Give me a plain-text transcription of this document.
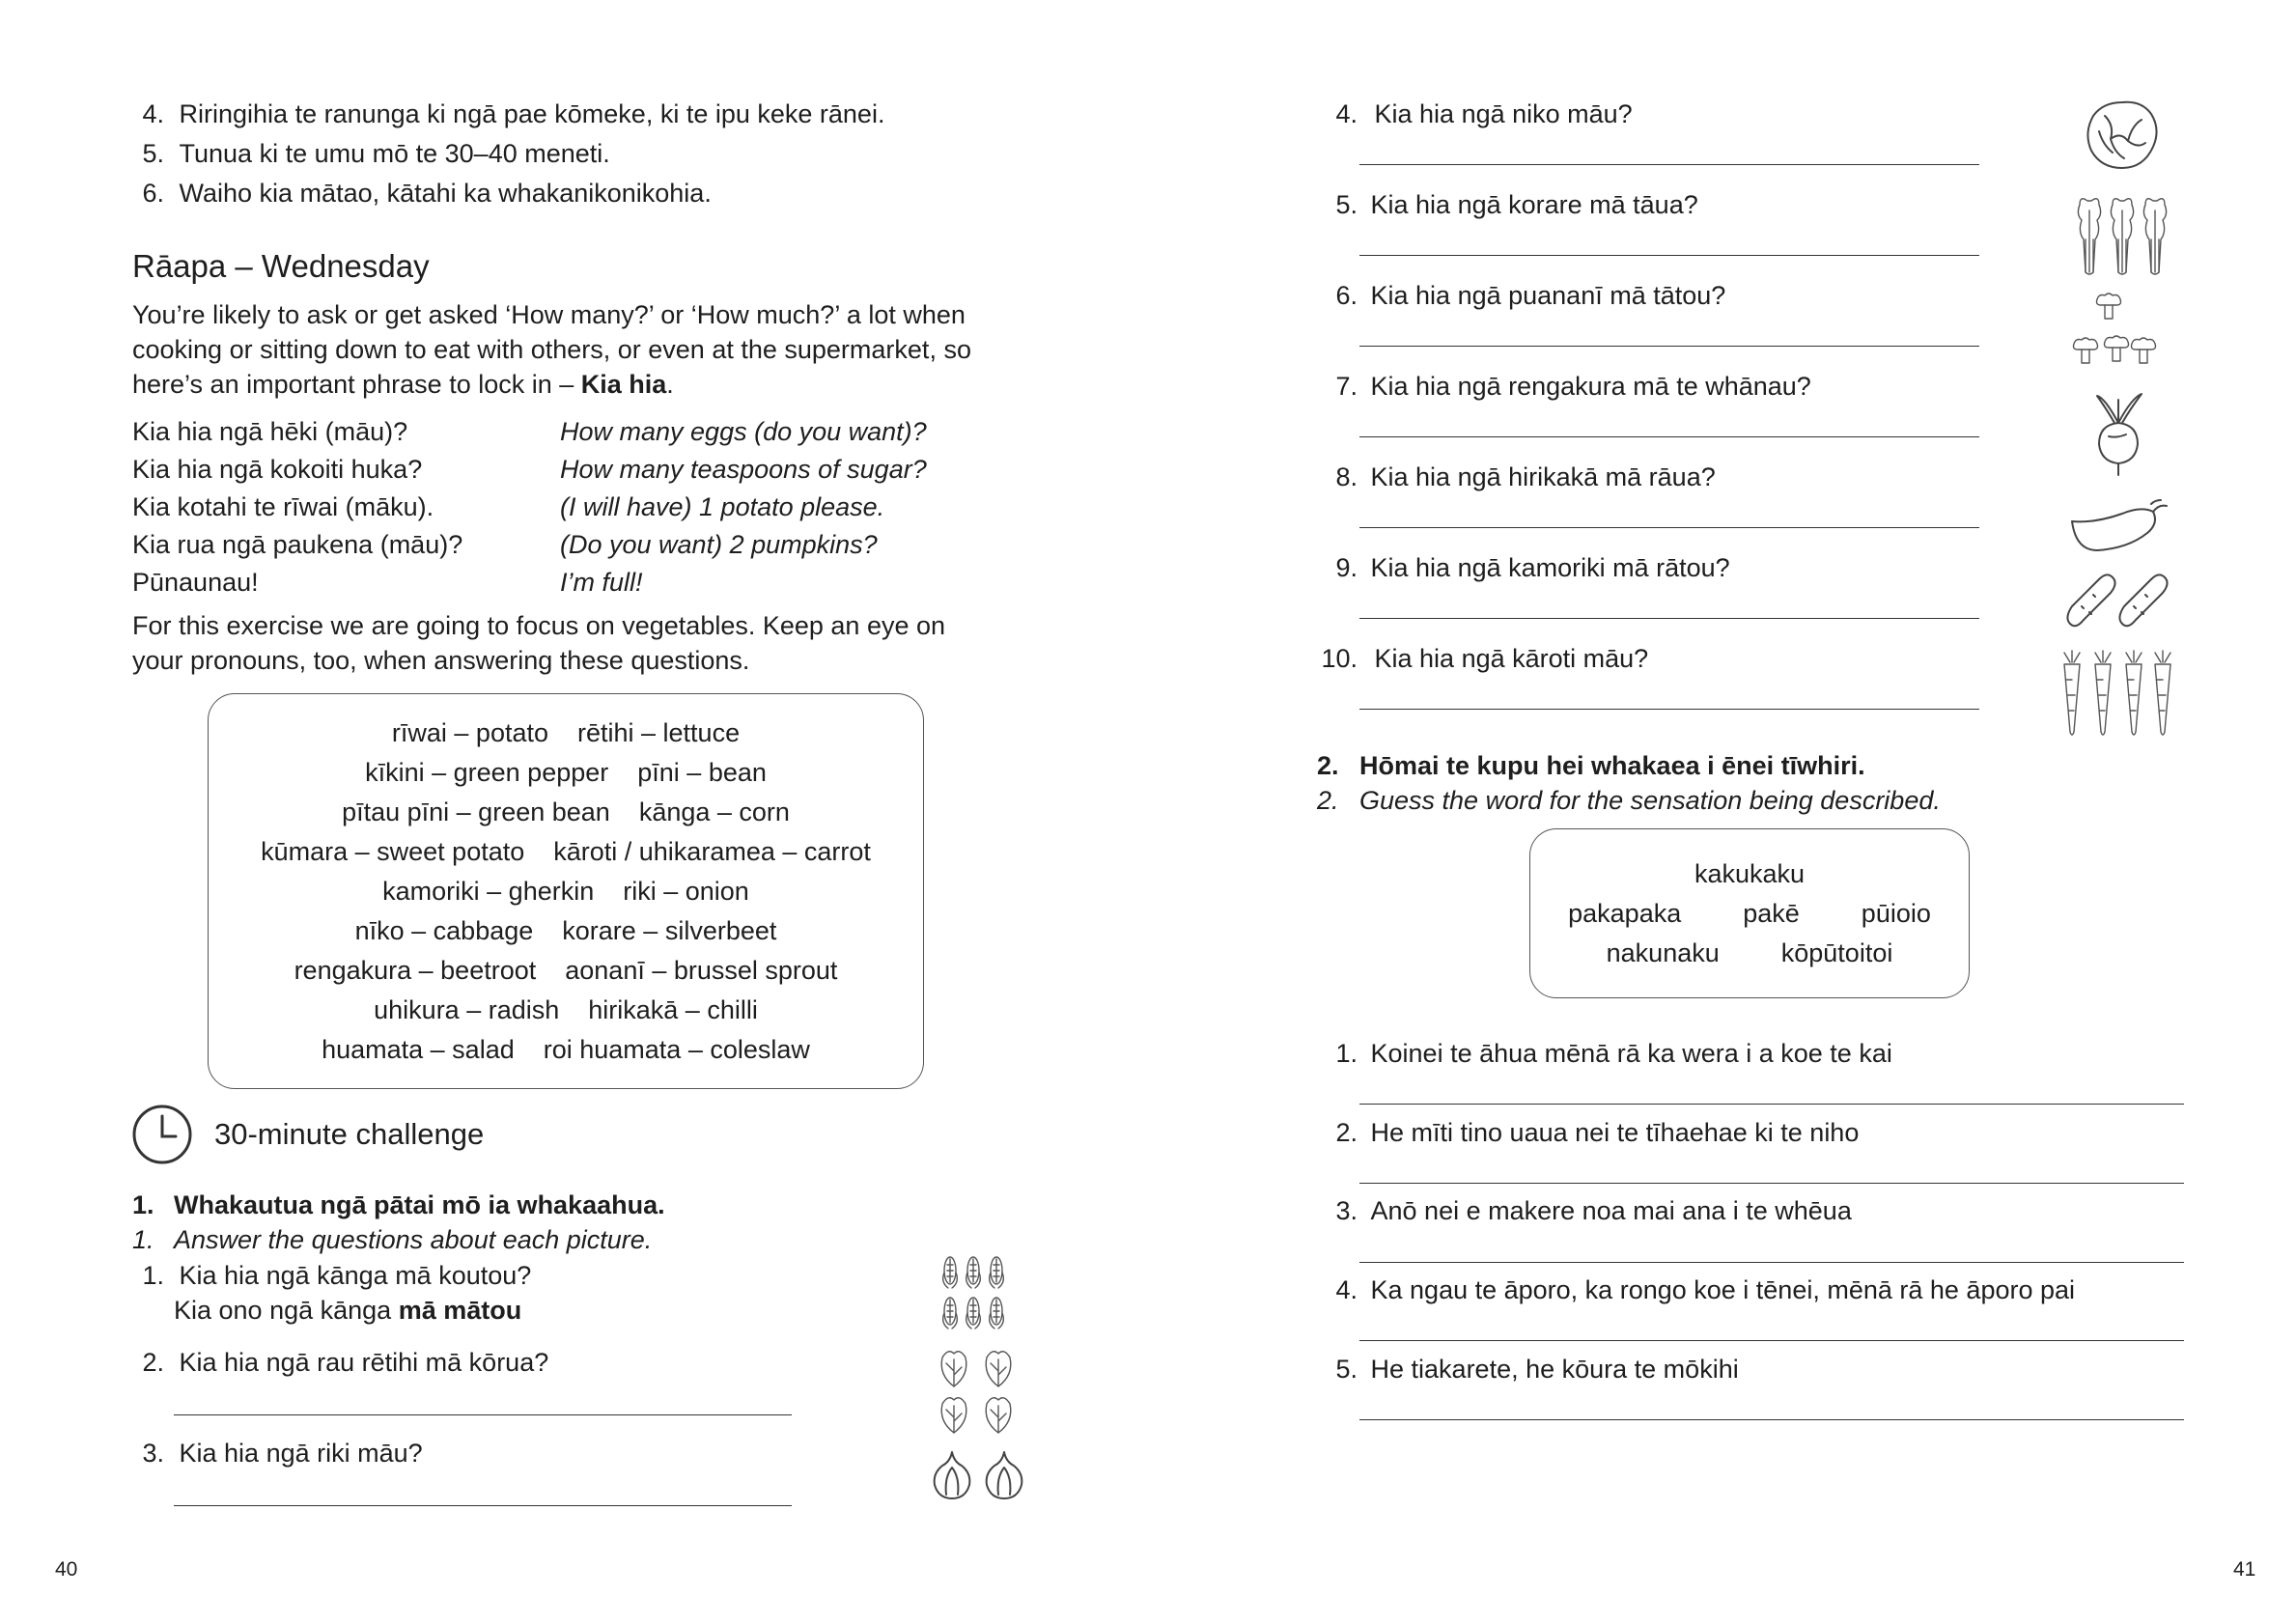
4. Riringihia te ranunga ki ngā pae kōmeke, ki te ipu keke rānei.
5. Tunua ki te umu mō te 30–40 meneti.
6. Waiho kia mātao, kātahi ka whakanikonikohia.
Rāapa – Wednesday
You’re likely to ask or get asked ‘How many?’ or ‘How much?’ a lot when cooking or sitting down to eat with others, or even at the supermarket, so here’s an important phrase to lock in – Kia hia.
Kia hia ngā hēki (māu)?	How many eggs (do you want)?
Kia hia ngā kokoiti huka?	How many teaspoons of sugar?
Kia kotahi te rīwai (māku).	(I will have) 1 potato please.
Kia rua ngā paukena (māu)?	(Do you want) 2 pumpkins?
Pūnaunau!	I’m full!
For this exercise we are going to focus on vegetables. Keep an eye on your pronouns, too, when answering these questions.
rīwai – potato rētihi – lettuce
kīkini – green pepper pīni – bean
pītau pīni – green bean kānga – corn
kūmara – sweet potato kāroti / uhikaramea – carrot
kamoriki – gherkin riki – onion
nīko – cabbage korare – silverbeet
rengakura – beetroot aonanī – brussel sprout
uhikura – radish hirikakā – chilli
huamata – salad roi huamata – coleslaw
30-minute challenge
1. Whakautua ngā pātai mō ia whakaahua.
1. Answer the questions about each picture.
1. Kia hia ngā kānga mā koutou?
Kia ono ngā kānga mā mātou
2. Kia hia ngā rau rētihi mā kōrua?
3. Kia hia ngā riki māu?
40
4. Kia hia ngā niko māu?
5. Kia hia ngā korare mā tāua?
6. Kia hia ngā puananī mā tātou?
7. Kia hia ngā rengakura mā te whānau?
8. Kia hia ngā hirikakā mā rāua?
9. Kia hia ngā kamoriki mā rātou?
10. Kia hia ngā kāroti māu?
2. Hōmai te kupu hei whakaea i ēnei tīwhiri.
2. Guess the word for the sensation being described.
kakukaku
pakapaka pakē pūioio
nakunaku kōpūtoitoi
1. Koinei te āhua mēnā rā ka wera i a koe te kai
2. He mīti tino uaua nei te tīhaehae ki te niho
3. Anō nei e makere noa mai ana i te whēua
4. Ka ngau te āporo, ka rongo koe i tēnei, mēnā rā he āporo pai
5. He tiakarete, he kōura te mōkihi
41
